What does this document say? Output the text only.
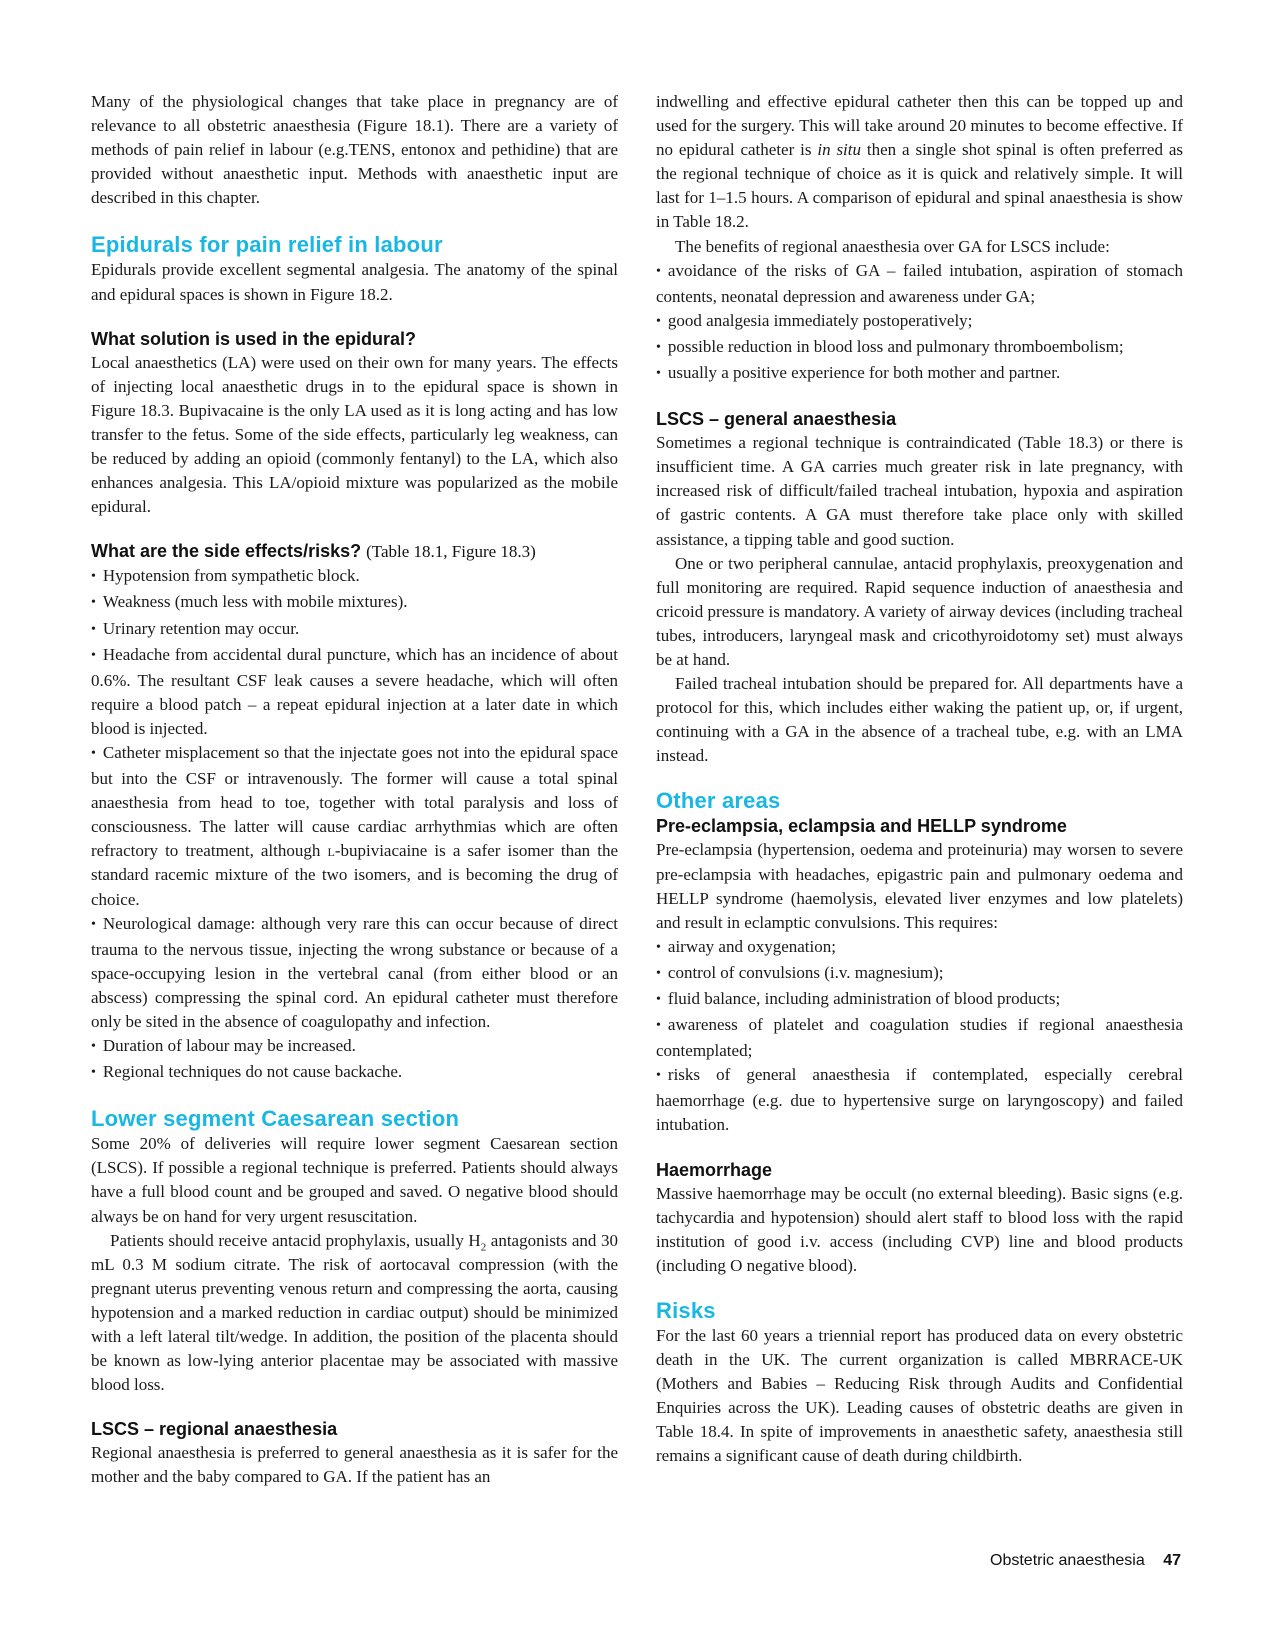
Many of the physiological changes that take place in pregnancy are of relevance to all obstetric anaesthesia (Figure 18.1). There are a variety of methods of pain relief in labour (e.g.TENS, entonox and pethidine) that are provided without anaesthetic input. Methods with anaesthetic input are described in this chapter.

Epidurals for pain relief in labour

Epidurals provide excellent segmental analgesia. The anatomy of the spinal and epidural spaces is shown in Figure 18.2.

What solution is used in the epidural?

Local anaesthetics (LA) were used on their own for many years. The effects of injecting local anaesthetic drugs in to the epidural space is shown in Figure 18.3. Bupivacaine is the only LA used as it is long acting and has low transfer to the fetus. Some of the side effects, particularly leg weakness, can be reduced by adding an opioid (commonly fentanyl) to the LA, which also enhances analgesia. This LA/opioid mixture was popularized as the mobile epidural.

What are the side effects/risks? (Table 18.1, Figure 18.3)
• Hypotension from sympathetic block.
• Weakness (much less with mobile mixtures).
• Urinary retention may occur.
• Headache from accidental dural puncture, which has an incidence of about 0.6%. The resultant CSF leak causes a severe headache, which will often require a blood patch – a repeat epidural injection at a later date in which blood is injected.
• Catheter misplacement so that the injectate goes not into the epidural space but into the CSF or intravenously. The former will cause a total spinal anaesthesia from head to toe, together with total paralysis and loss of consciousness. The latter will cause cardiac arrhythmias which are often refractory to treatment, although l-bupiviacaine is a safer isomer than the standard racemic mixture of the two isomers, and is becoming the drug of choice.
• Neurological damage: although very rare this can occur because of direct trauma to the nervous tissue, injecting the wrong substance or because of a space-occupying lesion in the vertebral canal (from either blood or an abscess) compressing the spinal cord. An epidural catheter must therefore only be sited in the absence of coagulopathy and infection.
• Duration of labour may be increased.
• Regional techniques do not cause backache.
Lower segment Caesarean section

Some 20% of deliveries will require lower segment Caesarean section (LSCS). If possible a regional technique is preferred. Patients should always have a full blood count and be grouped and saved. O negative blood should always be on hand for very urgent resuscitation.

Patients should receive antacid prophylaxis, usually $H_2$ antagonists and 30 mL 0.3 M sodium citrate. The risk of aortocaval compression (with the pregnant uterus preventing venous return and compressing the aorta, causing hypotension and a marked reduction in cardiac output) should be minimized with a left lateral tilt/wedge. In addition, the position of the placenta should be known as low-lying anterior placentae may be associated with massive blood loss.

LSCS – regional anaesthesia

Regional anaesthesia is preferred to general anaesthesia as it is safer for the mother and the baby compared to GA. If the patient has an

indwelling and effective epidural catheter then this can be topped up and used for the surgery. This will take around 20 minutes to become effective. If no epidural catheter is in situ then a single shot spinal is often preferred as the regional technique of choice as it is quick and relatively simple. It will last for 1–1.5 hours. A comparison of epidural and spinal anaesthesia is show in Table 18.2.

The benefits of regional anaesthesia over GA for LSCS include:

• avoidance of the risks of GA – failed intubation, aspiration of stomach contents, neonatal depression and awareness under GA;
• good analgesia immediately postoperatively;
• possible reduction in blood loss and pulmonary thromboembolism;
• usually a positive experience for both mother and partner.
LSCS – general anaesthesia

Sometimes a regional technique is contraindicated (Table 18.3) or there is insufficient time. A GA carries much greater risk in late pregnancy, with increased risk of difficult/failed tracheal intubation, hypoxia and aspiration of gastric contents. A GA must therefore take place only with skilled assistance, a tipping table and good suction.

One or two peripheral cannulae, antacid prophylaxis, preoxygenation and full monitoring are required. Rapid sequence induction of anaesthesia and cricoid pressure is mandatory. A variety of airway devices (including tracheal tubes, introducers, laryngeal mask and cricothyroidotomy set) must always be at hand.

Failed tracheal intubation should be prepared for. All departments have a protocol for this, which includes either waking the patient up, or, if urgent, continuing with a GA in the absence of a tracheal tube, e.g. with an LMA instead.

Other areas
Pre-eclampsia, eclampsia and HELLP syndrome

Pre-eclampsia (hypertension, oedema and proteinuria) may worsen to severe pre-eclampsia with headaches, epigastric pain and pulmonary oedema and HELLP syndrome (haemolysis, elevated liver enzymes and low platelets) and result in eclamptic convulsions. This requires:

• airway and oxygenation;
• control of convulsions (i.v. magnesium);
• fluid balance, including administration of blood products;
• awareness of platelet and coagulation studies if regional anaesthesia contemplated;
• risks of general anaesthesia if contemplated, especially cerebral haemorrhage (e.g. due to hypertensive surge on laryngoscopy) and failed intubation.
Haemorrhage

Massive haemorrhage may be occult (no external bleeding). Basic signs (e.g. tachycardia and hypotension) should alert staff to blood loss with the rapid institution of good i.v. access (including CVP) line and blood products (including O negative blood).

Risks

For the last 60 years a triennial report has produced data on every obstetric death in the UK. The current organization is called MBRRACE-UK (Mothers and Babies – Reducing Risk through Audits and Confidential Enquiries across the UK). Leading causes of obstetric deaths are given in Table 18.4. In spite of improvements in anaesthetic safety, anaesthesia still remains a significant cause of death during childbirth.

Obstetric anaesthesia 47
